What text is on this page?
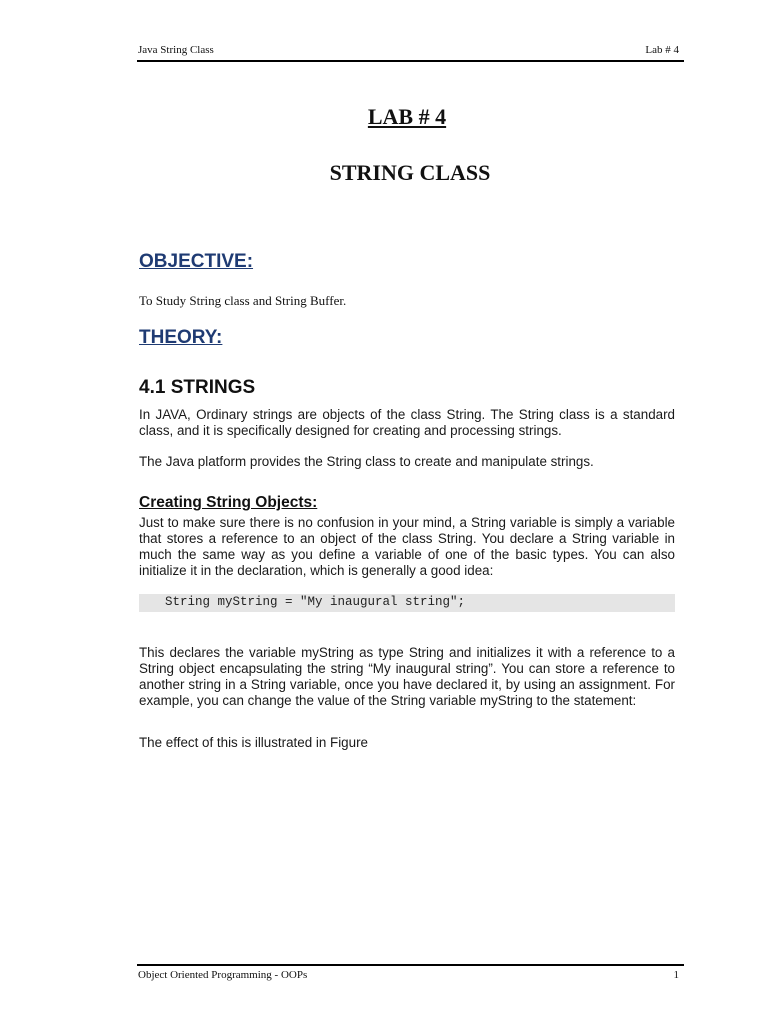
Java String Class	Lab # 4
LAB # 4
STRING CLASS
OBJECTIVE:
To Study String class and String Buffer.
THEORY:
4.1 STRINGS
In JAVA, Ordinary strings are objects of the class String. The String class is a standard class, and it is specifically designed for creating and processing strings.
The Java platform provides the String class to create and manipulate strings.
Creating String Objects:
Just to make sure there is no confusion in your mind, a String variable is simply a variable that stores a reference to an object of the class String. You declare a String variable in much the same way as you define a variable of one of the basic types. You can also initialize it in the declaration, which is generally a good idea:
String myString = "My inaugural string";
This declares the variable myString as type String and initializes it with a reference to a String object encapsulating the string “My inaugural string”. You can store a reference to another string in a String variable, once you have declared it, by using an assignment. For example, you can change the value of the String variable myString to the statement:
The effect of this is illustrated in Figure
Object Oriented Programming - OOPs	1
